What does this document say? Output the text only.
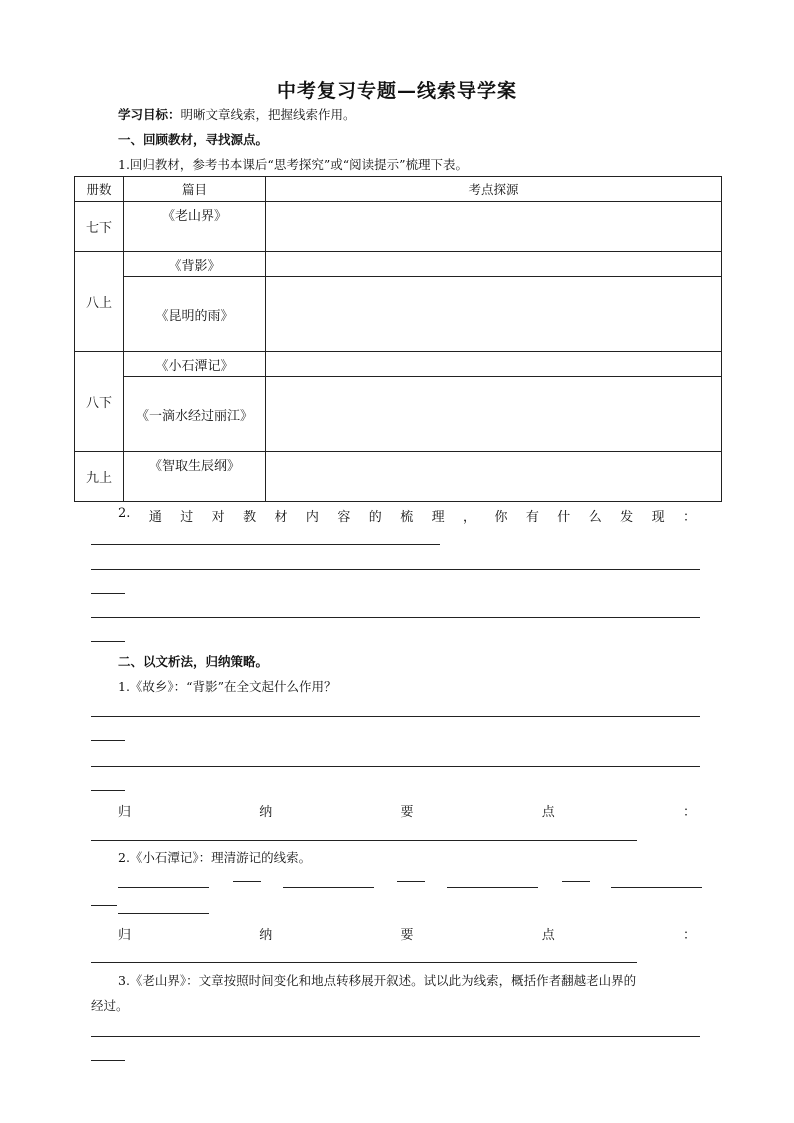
中考复习专题—线索导学案
学习目标：明晰文章线索，把握线索作用。
一、回顾教材，寻找源点。
1.回归教材，参考书本课后“思考探究”或“阅读提示”梳理下表。
册数	篇目	考点探源
七下	《老山界》	
八上	《背影》	
	《昆明的雨》	
八下	《小石潭记》	
	《一滴水经过丽江》	
九上	《智取生辰纲》	
2. 通 过 对 教 材 内 容 的 梳 理 ， 你 有 什 么 发 现 ：
二、以文析法，归纳策略。
1.《故乡》：“背影”在全文起什么作用？
归	纳	要	点	：
2.《小石潭记》：理清游记的线索。
归	纳	要	点	：
3.《老山界》：文章按照时间变化和地点转移展开叙述。试以此为线索，概括作者翻越老山界的
经过。
